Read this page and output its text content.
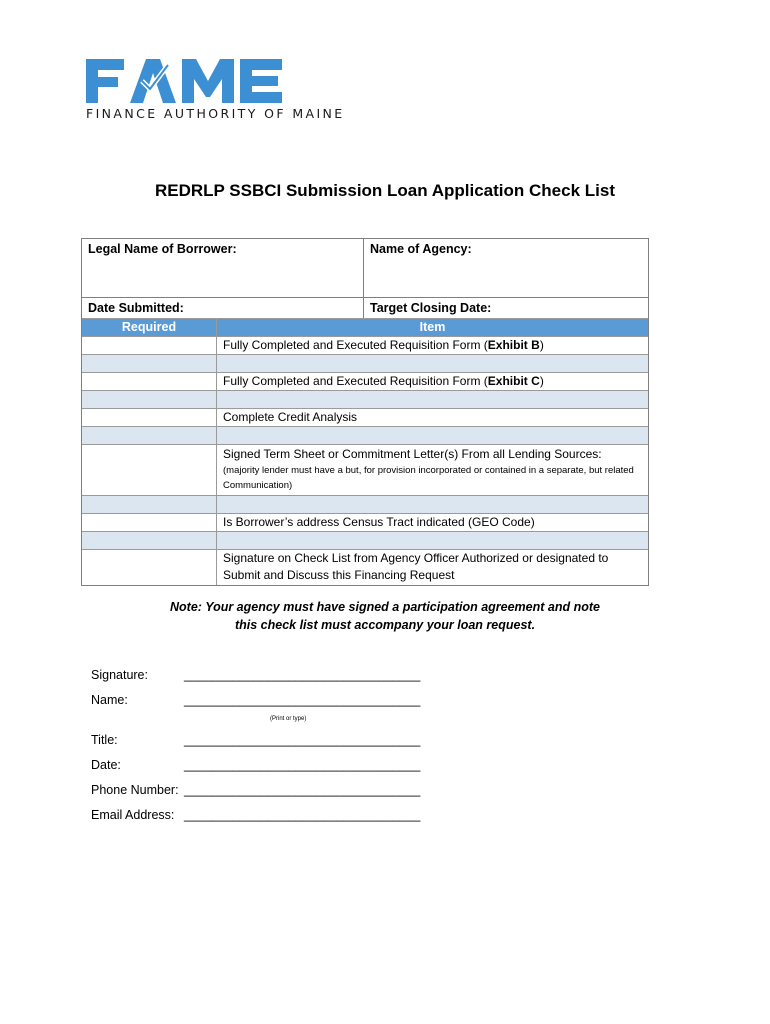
FINANCE AUTHORITY OF MAINE
REDRLP SSBCI Submission Loan Application Check List
Legal Name of Borrower:	Name of Agency:
Date Submitted:	Target Closing Date:
Required	Item
	Fully Completed and Executed Requisition Form (Exhibit B)

	Fully Completed and Executed Requisition Form (Exhibit C)

	Complete Credit Analysis

	Signed Term Sheet or Commitment Letter(s) From all Lending Sources:
(majority lender must have a but, for provision incorporated or contained in a separate, but related Communication)

	Is Borrower’s address Census Tract indicated (GEO Code)

	Signature on Check List from Agency Officer Authorized or designated to Submit and Discuss this Financing Request
Note: Your agency must have signed a participation agreement and note
this check list must accompany your loan request.
Signature:	__________________________________
Name:	__________________________________
(Print or type)
Title:	__________________________________
Date:	__________________________________
Phone Number: __________________________________
Email Address: __________________________________
